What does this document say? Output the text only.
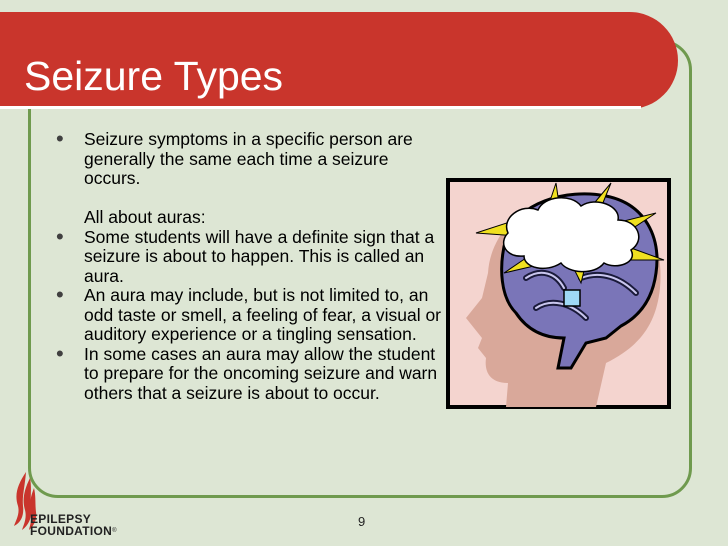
Seizure Types

• Seizure symptoms in a specific person are generally the same each time a seizure occurs.

All about auras:

• Some students will have a definite sign that a seizure is about to happen. This is called an aura.

• An aura may include, but is not limited to, an odd taste or smell, a feeling of fear, a visual or auditory experience or a tingling sensation.

• In some cases an aura may allow the student to prepare for the oncoming seizure and warn others that a seizure is about to occur.

EPILEPSY
FOUNDATION®
9
